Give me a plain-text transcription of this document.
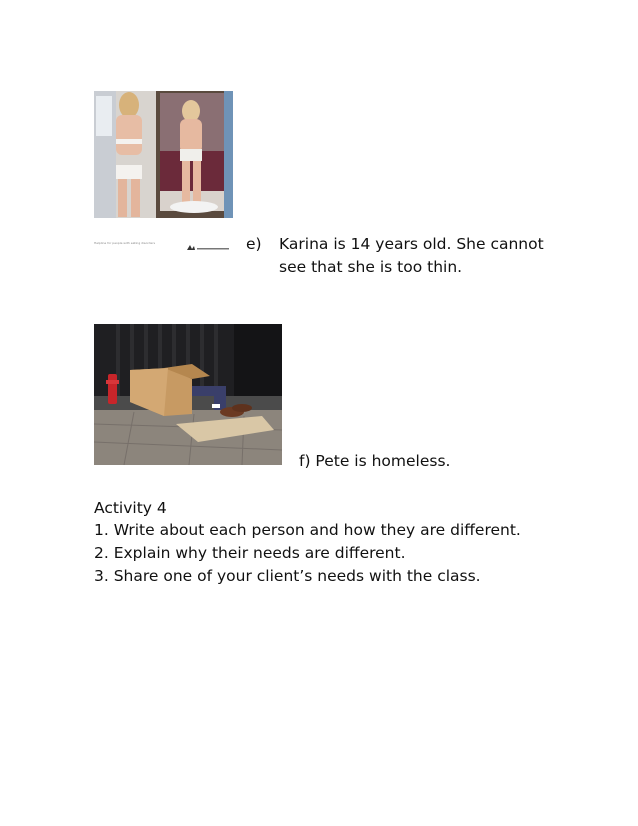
Helpline for people with eating disorders	e) Karina is 14 years old. She cannot
see that she is too thin.
f) Pete is homeless.
Activity 4
1. Write about each person and how they are different.
2. Explain why their needs are different.
3. Share one of your client’s needs with the class.
